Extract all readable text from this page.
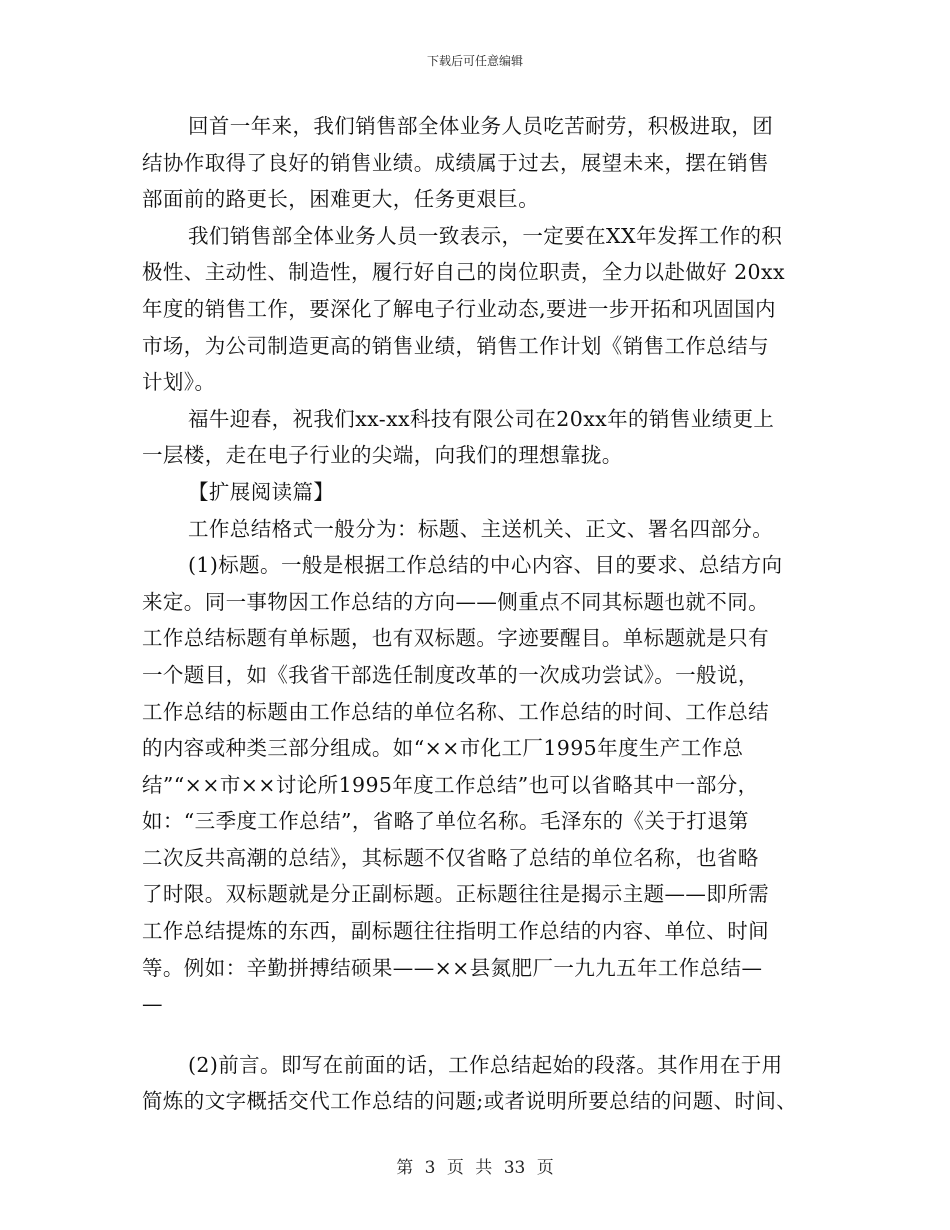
下载后可任意编辑
回首一年来，我们销售部全体业务人员吃苦耐劳，积极进取，团
结协作取得了良好的销售业绩。成绩属于过去，展望未来，摆在销售
部面前的路更长，困难更大，任务更艰巨。
我们销售部全体业务人员一致表示，一定要在XX年发挥工作的积
极性、主动性、制造性，履行好自己的岗位职责，全力以赴做好 20xx
年度的销售工作，要深化了解电子行业动态,要进一步开拓和巩固国内
市场，为公司制造更高的销售业绩，销售工作计划《销售工作总结与
计划》。
福牛迎春，祝我们xx-xx科技有限公司在20xx年的销售业绩更上
一层楼，走在电子行业的尖端，向我们的理想靠拢。
【扩展阅读篇】
工作总结格式一般分为：标题、主送机关、正文、署名四部分。
(1)标题。一般是根据工作总结的中心内容、目的要求、总结方向
来定。同一事物因工作总结的方向——侧重点不同其标题也就不同。
工作总结标题有单标题，也有双标题。字迹要醒目。单标题就是只有
一个题目，如《我省干部选任制度改革的一次成功尝试》。一般说，
工作总结的标题由工作总结的单位名称、工作总结的时间、工作总结
的内容或种类三部分组成。如“××市化工厂1995年度生产工作总
结”“××市××讨论所1995年度工作总结”也可以省略其中一部分，
如：“三季度工作总结”，省略了单位名称。毛泽东的《关于打退第
二次反共高潮的总结》，其标题不仅省略了总结的单位名称，也省略
了时限。双标题就是分正副标题。正标题往往是揭示主题——即所需
工作总结提炼的东西，副标题往往指明工作总结的内容、单位、时间
等。例如：辛勤拼搏结硕果——××县氮肥厂一九九五年工作总结—
—
(2)前言。即写在前面的话，工作总结起始的段落。其作用在于用
简炼的文字概括交代工作总结的问题;或者说明所要总结的问题、时间、
第 3 页 共 33 页
